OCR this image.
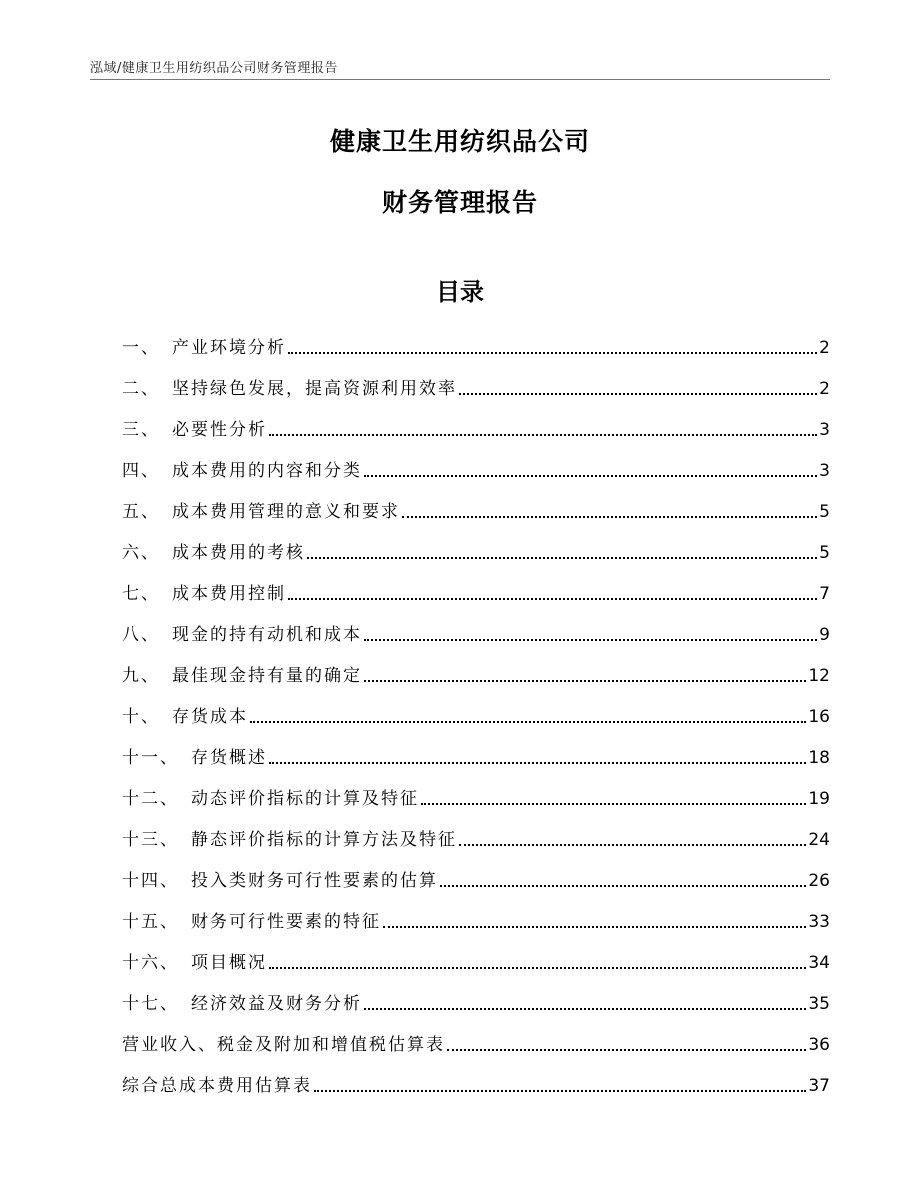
泓域/健康卫生用纺织品公司财务管理报告
健康卫生用纺织品公司
财务管理报告
目录
一、 产业环境分析	2
二、 坚持绿色发展，提高资源利用效率	2
三、 必要性分析	3
四、 成本费用的内容和分类	3
五、 成本费用管理的意义和要求	5
六、 成本费用的考核	5
七、 成本费用控制	7
八、 现金的持有动机和成本	9
九、 最佳现金持有量的确定	12
十、 存货成本	16
十一、 存货概述	18
十二、 动态评价指标的计算及特征	19
十三、 静态评价指标的计算方法及特征	24
十四、 投入类财务可行性要素的估算	26
十五、 财务可行性要素的特征	33
十六、 项目概况	34
十七、 经济效益及财务分析	35
营业收入、税金及附加和增值税估算表	36
综合总成本费用估算表	37
